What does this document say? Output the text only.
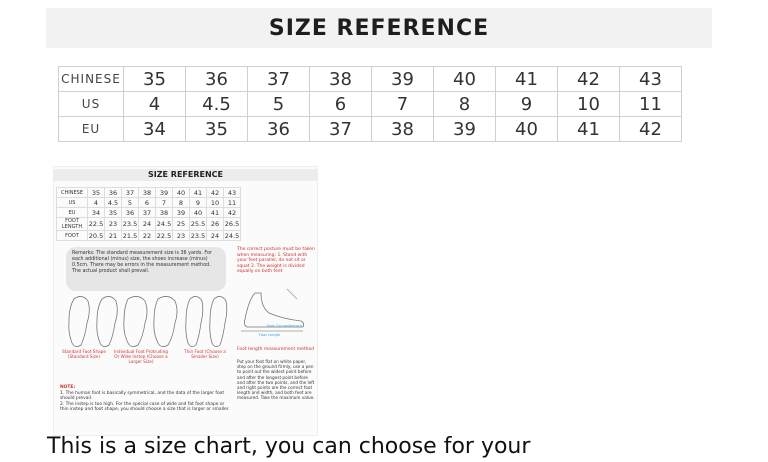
SIZE REFERENCE
CHINESE	35	36	37	38	39	40	41	42	43
US	4	4.5	5	6	7	8	9	10	11
EU	34	35	36	37	38	39	40	41	42
SIZE REFERENCE
CHINESE	35	36	37	38	39	40	41	42	43
US	4	4.5	5	6	7	8	9	10	11
EU	34	35	36	37	38	39	40	41	42
FOOT LENGTH	22.5	23	23.5	24	24.5	25	25.5	26	26.5
FOOT	20.5	21	21.5	22	22.5	23	23.5	24	24.5
Remarks: The standard measurement size is 36 yards. For each additional (minus) size, the shoes increase (minus) 0.5cm. There may be errors in the measurement method. The actual product shall prevail.
The correct posture must be taken when measuring: 1. Stand with your feet parallel, do not sit or squat 2. The weight is divided equally on both feet
Standard Foot Shape (Standard Size)
Individual Foot Protruding Or Wide Instep (Choose a Larger Size)
Thin Foot (Choose a Smaller Size)
Foot Circumference
Foot Length
Foot length measurement method
Put your foot flat on white paper, step on the ground firmly, use a pen to point out the widest point before and after the longest point before and after the two points, and the left and right points are the correct foot length and width, and both feet are measured. Take the maximum value.
NOTE:
1. The human foot is basically symmetrical, and the data of the larger foot should prevail.
2. The instep is too high. For the special case of wide and fat foot shape or thin instep and foot shape, you should choose a size that is larger or smaller.
This is a size chart, you can choose for your
